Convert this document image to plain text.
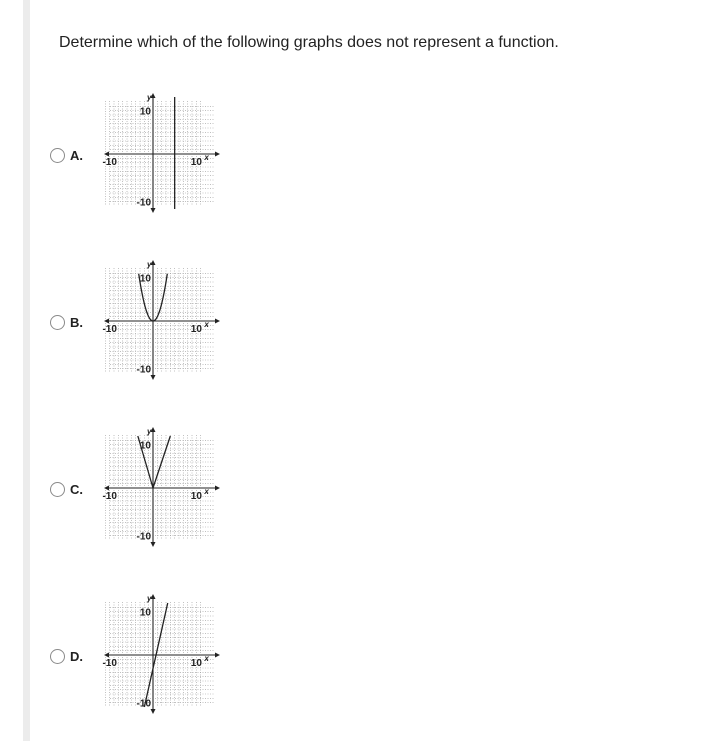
Determine which of the following graphs does not represent a function.
A.
10
-10
-10	10 x
y
B.
10
-10
-10	10 x
y
C.
10
-10
-10	10 x
y
D.
10
-10
-10	10 x
y
